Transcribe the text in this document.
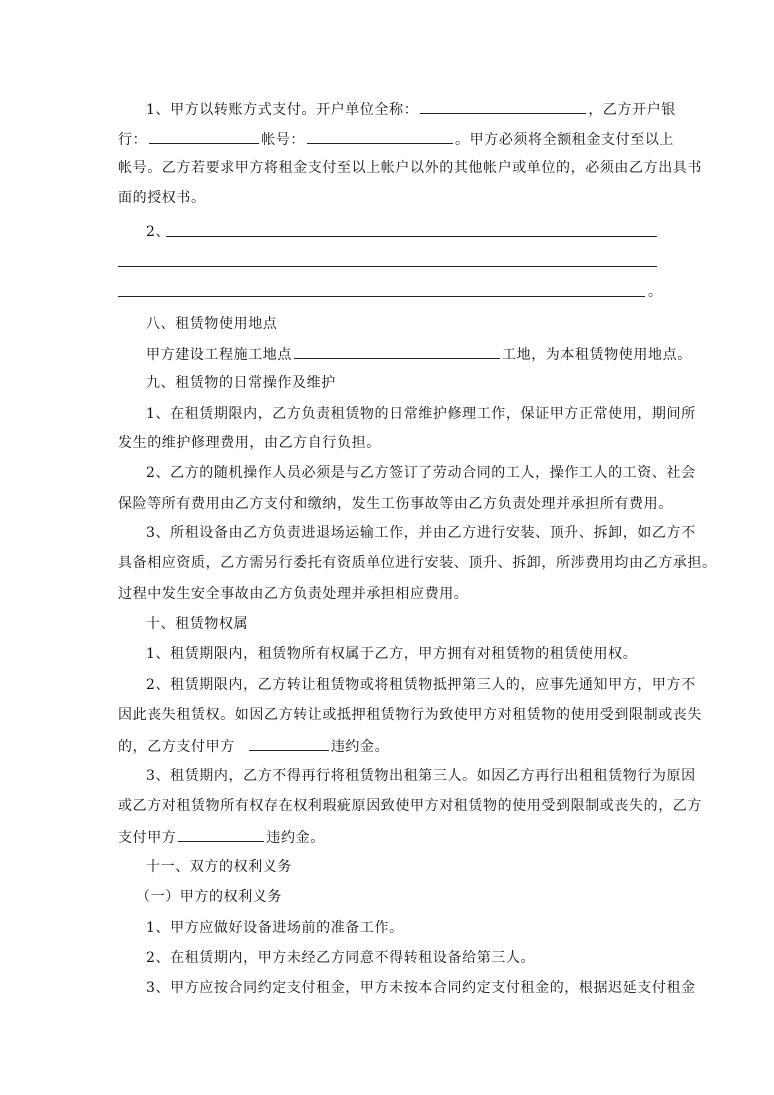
1、甲方以转账方式支付。开户单位全称：	，乙方开户银
行：	帐号：	。甲方必须将全额租金支付至以上
帐号。乙方若要求甲方将租金支付至以上帐户以外的其他帐户或单位的，必须由乙方出具书
面的授权书。
2、
。
八、租赁物使用地点
甲方建设工程施工地点	工地，为本租赁物使用地点。
九、租赁物的日常操作及维护
1、在租赁期限内，乙方负责租赁物的日常维护修理工作，保证甲方正常使用，期间所
发生的维护修理费用，由乙方自行负担。
2、乙方的随机操作人员必须是与乙方签订了劳动合同的工人，操作工人的工资、社会
保险等所有费用由乙方支付和缴纳，发生工伤事故等由乙方负责处理并承担所有费用。
3、所租设备由乙方负责进退场运输工作，并由乙方进行安装、顶升、拆卸，如乙方不
具备相应资质，乙方需另行委托有资质单位进行安装、顶升、拆卸，所涉费用均由乙方承担。
过程中发生安全事故由乙方负责处理并承担相应费用。
十、租赁物权属
1、租赁期限内，租赁物所有权属于乙方，甲方拥有对租赁物的租赁使用权。
2、租赁期限内，乙方转让租赁物或将租赁物抵押第三人的，应事先通知甲方，甲方不
因此丧失租赁权。如因乙方转让或抵押租赁物行为致使甲方对租赁物的使用受到限制或丧失
的，乙方支付甲方	违约金。
3、租赁期内，乙方不得再行将租赁物出租第三人。如因乙方再行出租租赁物行为原因
或乙方对租赁物所有权存在权利瑕疵原因致使甲方对租赁物的使用受到限制或丧失的，乙方
支付甲方	违约金。
十一、双方的权利义务
（一）甲方的权利义务
1、甲方应做好设备进场前的准备工作。
2、在租赁期内，甲方未经乙方同意不得转租设备给第三人。
3、甲方应按合同约定支付租金，甲方未按本合同约定支付租金的，根据迟延支付租金
